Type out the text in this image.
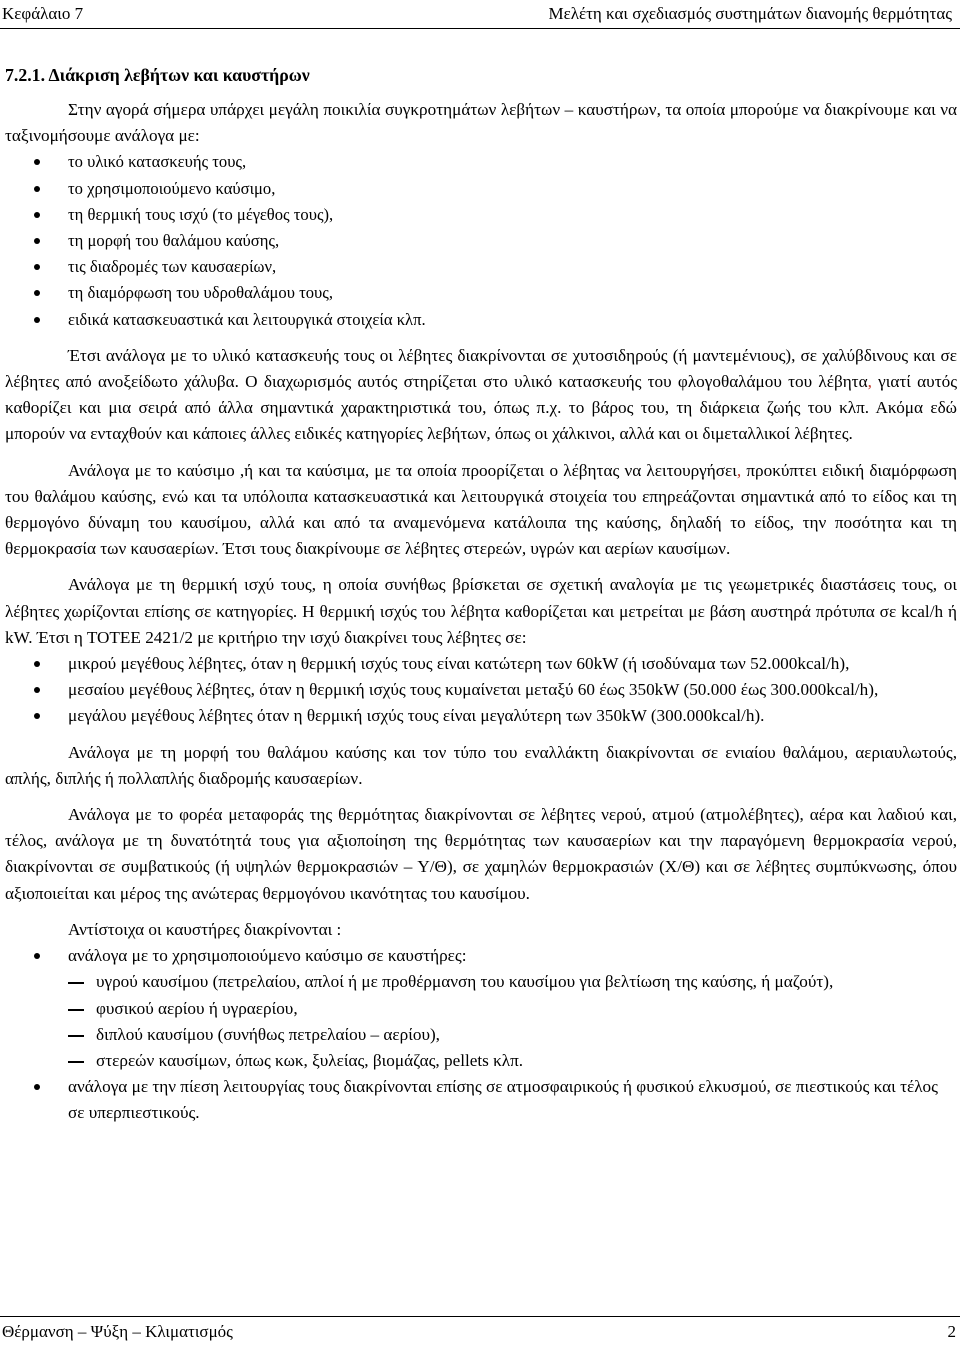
Κεφάλαιο 7	Μελέτη και σχεδιασμός συστημάτων διανομής θερμότητας
7.2.1. Διάκριση λεβήτων και καυστήρων

Στην αγορά σήμερα υπάρχει μεγάλη ποικιλία συγκροτημάτων λεβήτων – καυστήρων, τα οποία μπορούμε να διακρίνουμε και να ταξινομήσουμε ανάλογα με:

το υλικό κατασκευής τους,
το χρησιμοποιούμενο καύσιμο,
τη θερμική τους ισχύ (το μέγεθος τους),
τη μορφή του θαλάμου καύσης,
τις διαδρομές των καυσαερίων,
τη διαμόρφωση του υδροθαλάμου τους,
ειδικά κατασκευαστικά και λειτουργικά στοιχεία κλπ.

Έτσι ανάλογα με το υλικό κατασκευής τους οι λέβητες διακρίνονται σε χυτοσιδηρούς (ή μαντεμένιους), σε χαλύβδινους και σε λέβητες από ανοξείδωτο χάλυβα. Ο διαχωρισμός αυτός στηρίζεται στο υλικό κατασκευής του φλογοθαλάμου του λέβητα, γιατί αυτός καθορίζει και μια σειρά από άλλα σημαντικά χαρακτηριστικά του, όπως π.χ. το βάρος του, τη διάρκεια ζωής του κλπ. Ακόμα εδώ μπορούν να ενταχθούν και κάποιες άλλες ειδικές κατηγορίες λεβήτων, όπως οι χάλκινοι, αλλά και οι διμεταλλικοί λέβητες.

Ανάλογα με το καύσιμο ,ή και τα καύσιμα, με τα οποία προορίζεται ο λέβητας να λειτουργήσει, προκύπτει ειδική διαμόρφωση του θαλάμου καύσης, ενώ και τα υπόλοιπα κατασκευαστικά και λειτουργικά στοιχεία του επηρεάζονται σημαντικά από το είδος και τη θερμογόνο δύναμη του καυσίμου, αλλά και από τα αναμενόμενα κατάλοιπα της καύσης, δηλαδή το είδος, την ποσότητα και τη θερμοκρασία των καυσαερίων. Έτσι τους διακρίνουμε σε λέβητες στερεών, υγρών και αερίων καυσίμων.

Ανάλογα με τη θερμική ισχύ τους, η οποία συνήθως βρίσκεται σε σχετική αναλογία με τις γεωμετρικές διαστάσεις τους, οι λέβητες χωρίζονται επίσης σε κατηγορίες. Η θερμική ισχύς του λέβητα καθορίζεται και μετρείται με βάση αυστηρά πρότυπα σε kcal/h ή kW. Έτσι η ΤΟΤΕΕ 2421/2 με κριτήριο την ισχύ διακρίνει τους λέβητες σε:

μικρού μεγέθους λέβητες, όταν η θερμική ισχύς τους είναι κατώτερη των 60kW (ή ισοδύναμα των 52.000kcal/h),
μεσαίου μεγέθους λέβητες, όταν η θερμική ισχύς τους κυμαίνεται μεταξύ 60 έως 350kW (50.000 έως 300.000kcal/h),
μεγάλου μεγέθους λέβητες όταν η θερμική ισχύς τους είναι μεγαλύτερη των 350kW (300.000kcal/h).

Ανάλογα με τη μορφή του θαλάμου καύσης και τον τύπο του εναλλάκτη διακρίνονται σε ενιαίου θαλάμου, αεριαυλωτούς, απλής, διπλής ή πολλαπλής διαδρομής καυσαερίων.

Ανάλογα με το φορέα μεταφοράς της θερμότητας διακρίνονται σε λέβητες νερού, ατμού (ατμολέβητες), αέρα και λαδιού και, τέλος, ανάλογα με τη δυνατότητά τους για αξιοποίηση της θερμότητας των καυσαερίων και την παραγόμενη θερμοκρασία νερού, διακρίνονται σε συμβατικούς (ή υψηλών θερμοκρασιών – Υ/Θ), σε χαμηλών θερμοκρασιών (Χ/Θ) και σε λέβητες συμπύκνωσης, όπου αξιοποιείται και μέρος της ανώτερας θερμογόνου ικανότητας του καυσίμου.

Αντίστοιχα οι καυστήρες διακρίνονται :

ανάλογα με το χρησιμοποιούμενο καύσιμο σε καυστήρες:
υγρού καυσίμου (πετρελαίου, απλοί ή με προθέρμανση του καυσίμου για βελτίωση της καύσης, ή μαζούτ),
φυσικού αερίου ή υγραερίου,
διπλού καυσίμου (συνήθως πετρελαίου – αερίου),
στερεών καυσίμων, όπως κωκ, ξυλείας, βιομάζας, pellets κλπ.
ανάλογα με την πίεση λειτουργίας τους διακρίνονται επίσης σε ατμοσφαιρικούς ή φυσικού ελκυσμού, σε πιεστικούς και τέλος σε υπερπιεστικούς.
Θέρμανση – Ψύξη – Κλιματισμός	2
